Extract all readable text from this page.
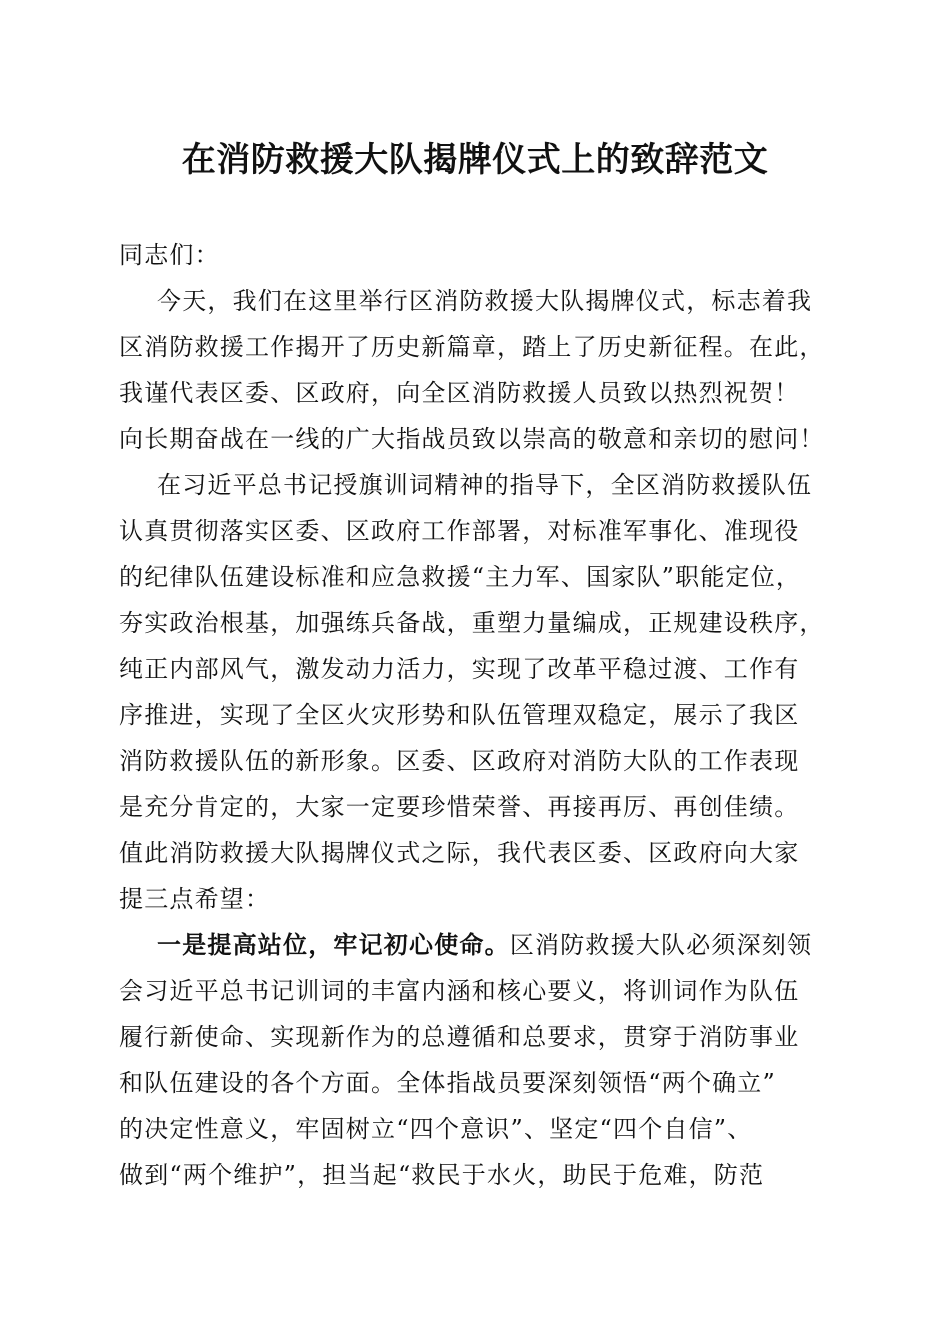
在消防救援大队揭牌仪式上的致辞范文
同志们：
今天，我们在这里举行区消防救援大队揭牌仪式，标志着我
区消防救援工作揭开了历史新篇章，踏上了历史新征程。在此，
我谨代表区委、区政府，向全区消防救援人员致以热烈祝贺！
向长期奋战在一线的广大指战员致以崇高的敬意和亲切的慰问！
在习近平总书记授旗训词精神的指导下，全区消防救援队伍
认真贯彻落实区委、区政府工作部署，对标准军事化、准现役
的纪律队伍建设标准和应急救援“主力军、国家队”职能定位，
夯实政治根基，加强练兵备战，重塑力量编成，正规建设秩序，
纯正内部风气，激发动力活力，实现了改革平稳过渡、工作有
序推进，实现了全区火灾形势和队伍管理双稳定，展示了我区
消防救援队伍的新形象。区委、区政府对消防大队的工作表现
是充分肯定的，大家一定要珍惜荣誉、再接再厉、再创佳绩。
值此消防救援大队揭牌仪式之际，我代表区委、区政府向大家
提三点希望：
一是提高站位，牢记初心使命。区消防救援大队必须深刻领
会习近平总书记训词的丰富内涵和核心要义，将训词作为队伍
履行新使命、实现新作为的总遵循和总要求，贯穿于消防事业
和队伍建设的各个方面。全体指战员要深刻领悟“两个确立”
的决定性意义，牢固树立“四个意识”、坚定“四个自信”、
做到“两个维护”，担当起“救民于水火，助民于危难，防范
